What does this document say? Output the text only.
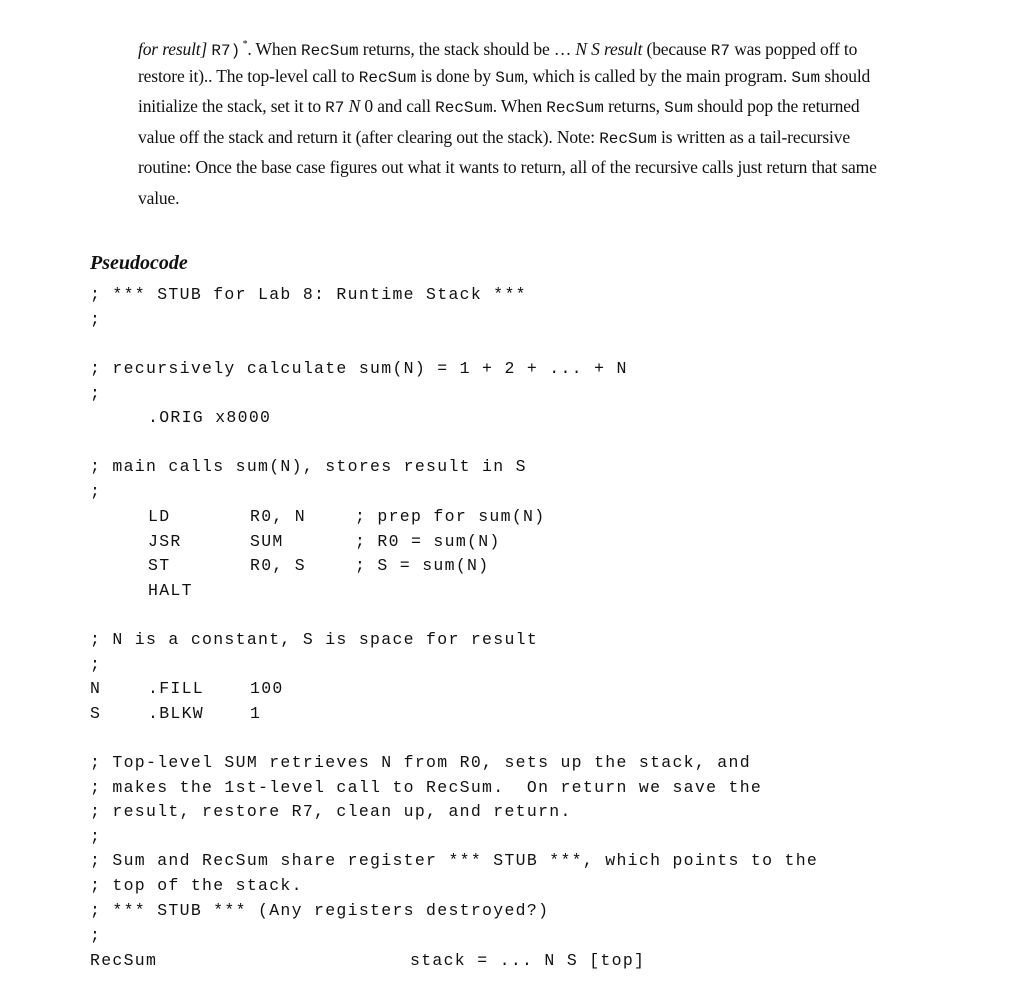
for result] R7) *. When RecSum returns, the stack should be … N S result (because R7 was popped off to
restore it).. The top-level call to RecSum is done by Sum, which is called by the main program. Sum should
initialize the stack, set it to R7 N 0 and call RecSum. When RecSum returns, Sum should pop the returned
value off the stack and return it (after clearing out the stack). Note: RecSum is written as a tail-recursive
routine: Once the base case figures out what it wants to return, all of the recursive calls just return that same
value.
Pseudocode
; *** STUB for Lab 8: Runtime Stack ***
;
; recursively calculate sum(N) = 1 + 2 + ... + N
;
.ORIG x8000
; main calls sum(N), stores result in S
;
LD	R0, N	; prep for sum(N)
JSR	SUM	; R0 = sum(N)
ST	R0, S	; S = sum(N)
HALT
; N is a constant, S is space for result
;
N	.FILL	100
S	.BLKW	1
; Top-level SUM retrieves N from R0, sets up the stack, and
; makes the 1st-level call to RecSum.  On return we save the
; result, restore R7, clean up, and return.
;
; Sum and RecSum share register *** STUB ***, which points to the
; top of the stack.
; *** STUB *** (Any registers destroyed?)
;
RecSum	stack = ... N S [top]
